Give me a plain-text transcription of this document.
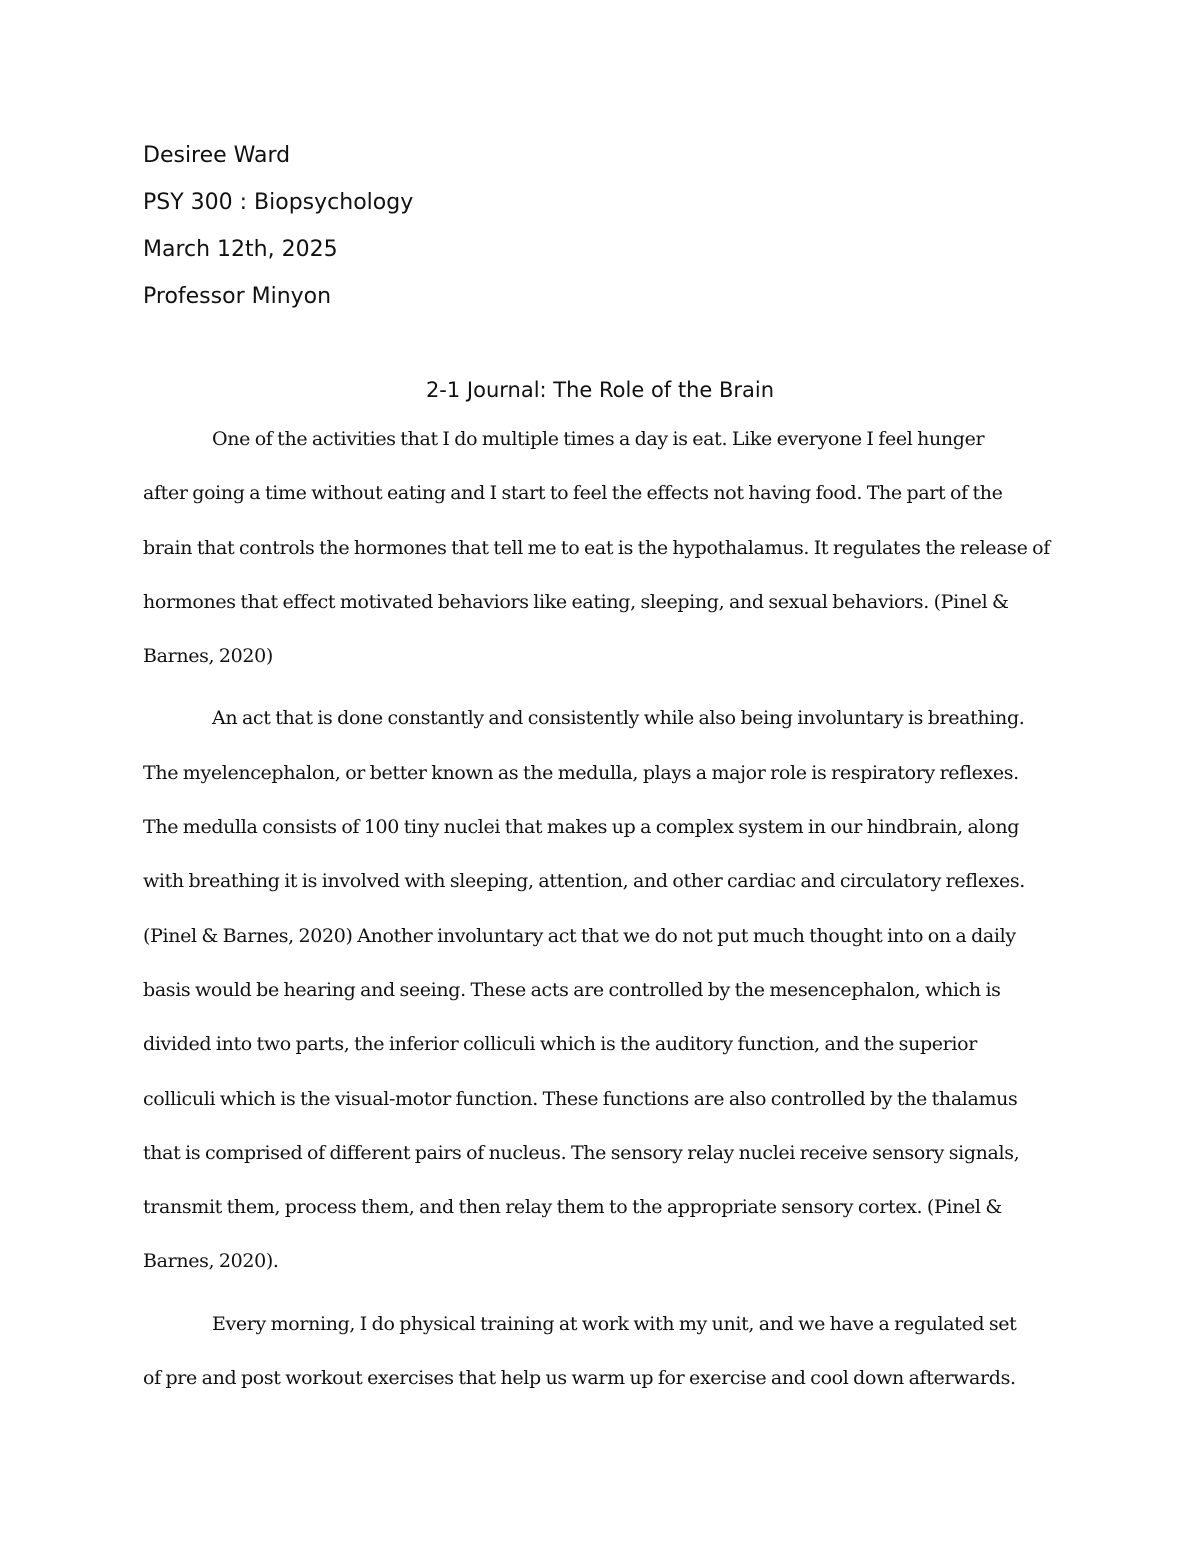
Desiree Ward
PSY 300 : Biopsychology
March 12th, 2025
Professor Minyon
2-1 Journal: The Role of the Brain
One of the activities that I do multiple times a day is eat. Like everyone I feel hunger
after going a time without eating and I start to feel the effects not having food. The part of the
brain that controls the hormones that tell me to eat is the hypothalamus. It regulates the release of
hormones that effect motivated behaviors like eating, sleeping, and sexual behaviors. (Pinel &
Barnes, 2020)
An act that is done constantly and consistently while also being involuntary is breathing.
The myelencephalon, or better known as the medulla, plays a major role is respiratory reflexes.
The medulla consists of 100 tiny nuclei that makes up a complex system in our hindbrain, along
with breathing it is involved with sleeping, attention, and other cardiac and circulatory reflexes.
(Pinel & Barnes, 2020) Another involuntary act that we do not put much thought into on a daily
basis would be hearing and seeing. These acts are controlled by the mesencephalon, which is
divided into two parts, the inferior colliculi which is the auditory function, and the superior
colliculi which is the visual-motor function. These functions are also controlled by the thalamus
that is comprised of different pairs of nucleus. The sensory relay nuclei receive sensory signals,
transmit them, process them, and then relay them to the appropriate sensory cortex. (Pinel &
Barnes, 2020).
Every morning, I do physical training at work with my unit, and we have a regulated set
of pre and post workout exercises that help us warm up for exercise and cool down afterwards.
